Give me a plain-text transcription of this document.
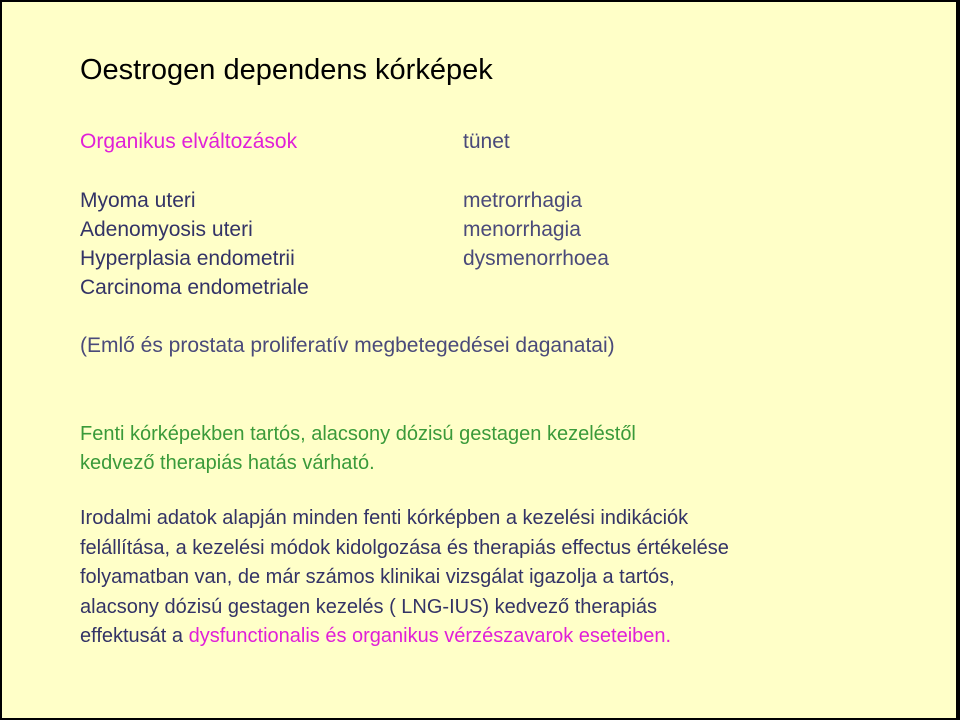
Oestrogen dependens kórképek
Organikus elváltozások	tünet
Myoma uteri
Adenomyosis uteri
Hyperplasia endometrii
Carcinoma endometriale
metrorrhagia
menorrhagia
dysmenorrhoea
(Emlő és prostata proliferatív megbetegedései daganatai)
Fenti kórképekben tartós, alacsony dózisú gestagen kezeléstől
kedvező therapiás hatás várható.
Irodalmi adatok alapján minden fenti kórképben a kezelési indikációk
felállítása, a kezelési módok kidolgozása és therapiás effectus értékelése
folyamatban van, de már számos klinikai vizsgálat igazolja a tartós,
alacsony dózisú gestagen kezelés ( LNG-IUS) kedvező therapiás
effektusát a dysfunctionalis és organikus vérzészavarok eseteiben.
